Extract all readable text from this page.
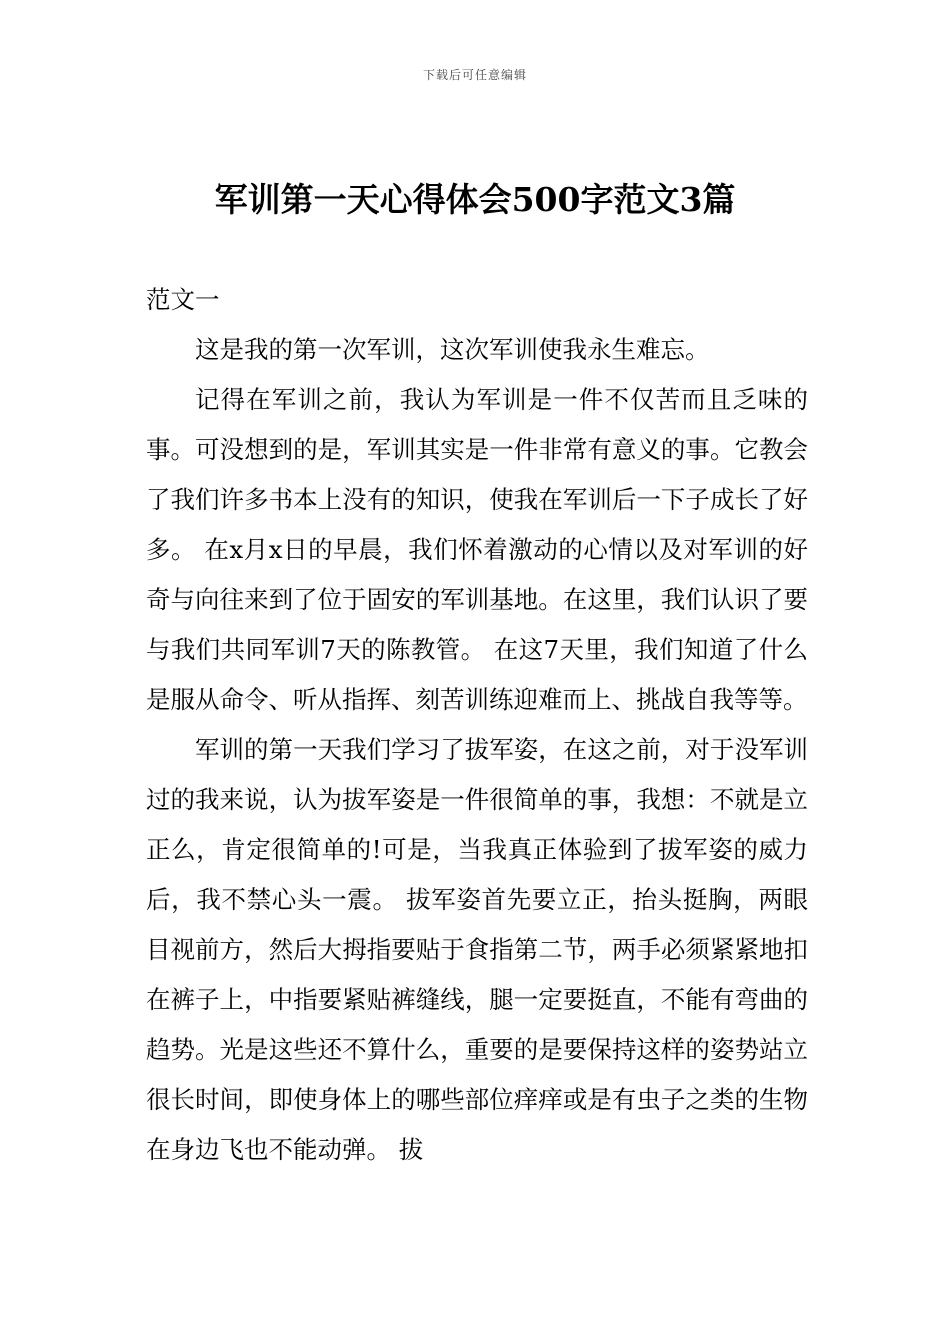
下载后可任意编辑
军训第一天心得体会500字范文3篇

范文一

这是我的第一次军训，这次军训使我永生难忘。

记得在军训之前，我认为军训是一件不仅苦而且乏味的事。可没想到的是，军训其实是一件非常有意义的事。它教会了我们许多书本上没有的知识，使我在军训后一下子成长了好多。 在x月x日的早晨，我们怀着激动的心情以及对军训的好奇与向往来到了位于固安的军训基地。在这里，我们认识了要与我们共同军训7天的陈教管。 在这7天里，我们知道了什么是服从命令、听从指挥、刻苦训练迎难而上、挑战自我等等。

军训的第一天我们学习了拔军姿，在这之前，对于没军训过的我来说，认为拔军姿是一件很简单的事，我想：不就是立正么，肯定很简单的!可是，当我真正体验到了拔军姿的威力后，我不禁心头一震。 拔军姿首先要立正，抬头挺胸，两眼目视前方，然后大拇指要贴于食指第二节，两手必须紧紧地扣在裤子上，中指要紧贴裤缝线，腿一定要挺直，不能有弯曲的趋势。光是这些还不算什么，重要的是要保持这样的姿势站立很长时间，即使身体上的哪些部位痒痒或是有虫子之类的生物在身边飞也不能动弹。 拔
